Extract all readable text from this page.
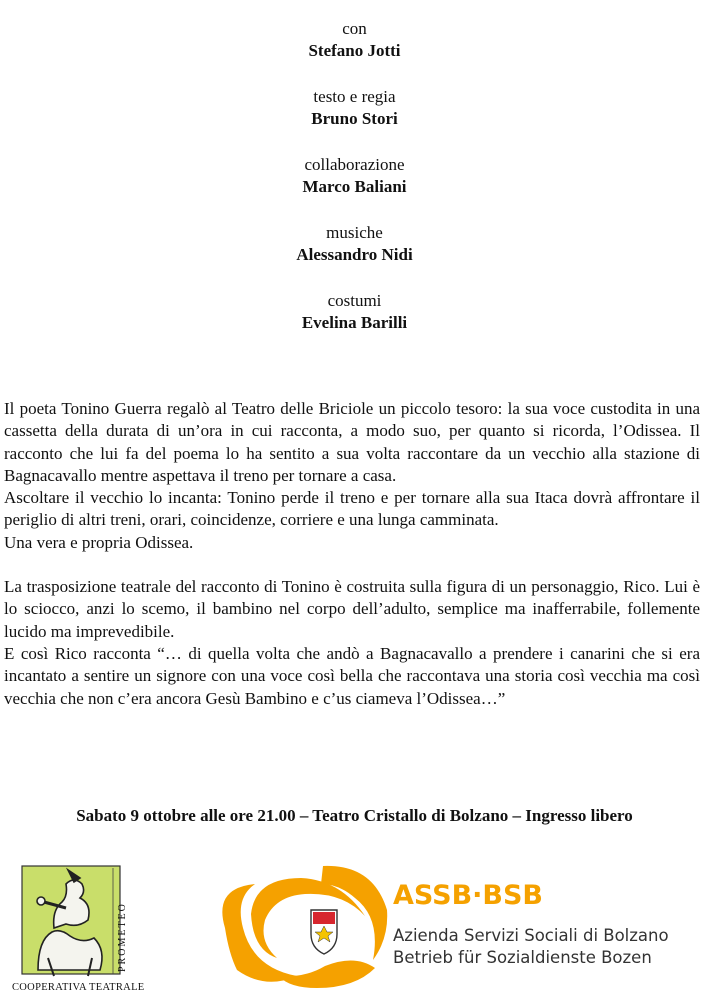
con
Stefano Jotti
testo e regia
Bruno Stori
collaborazione
Marco Baliani
musiche
Alessandro Nidi
costumi
Evelina Barilli

Il poeta Tonino Guerra regalò al Teatro delle Briciole un piccolo tesoro: la sua voce custodita in una cassetta della durata di un’ora in cui racconta, a modo suo, per quanto si ricorda, l’Odissea. Il racconto che lui fa del poema lo ha sentito a sua volta raccontare da un vecchio alla stazione di Bagnacavallo mentre aspettava il treno per tornare a casa.

Ascoltare il vecchio lo incanta: Tonino perde il treno e per tornare alla sua Itaca dovrà affrontare il periglio di altri treni, orari, coincidenze, corriere e una lunga camminata.

Una vera e propria Odissea.

La trasposizione teatrale del racconto di Tonino è costruita sulla figura di un personaggio, Rico. Lui è lo sciocco, anzi lo scemo, il bambino nel corpo dell’adulto, semplice ma inafferrabile, follemente lucido ma imprevedibile.

E così Rico racconta “… di quella volta che andò a Bagnacavallo a prendere i canarini che si era incantato a sentire un signore con una voce così bella che raccontava una storia così vecchia ma così vecchia che non c’era ancora Gesù Bambino e c’us ciameva l’Odissea…”

Sabato 9 ottobre alle ore 21.00 – Teatro Cristallo di Bolzano – Ingresso libero
PROMETEO
COOPERATIVA TEATRALE
ASSB·BSB
Azienda Servizi Sociali di Bolzano
Betrieb für Sozialdienste Bozen
